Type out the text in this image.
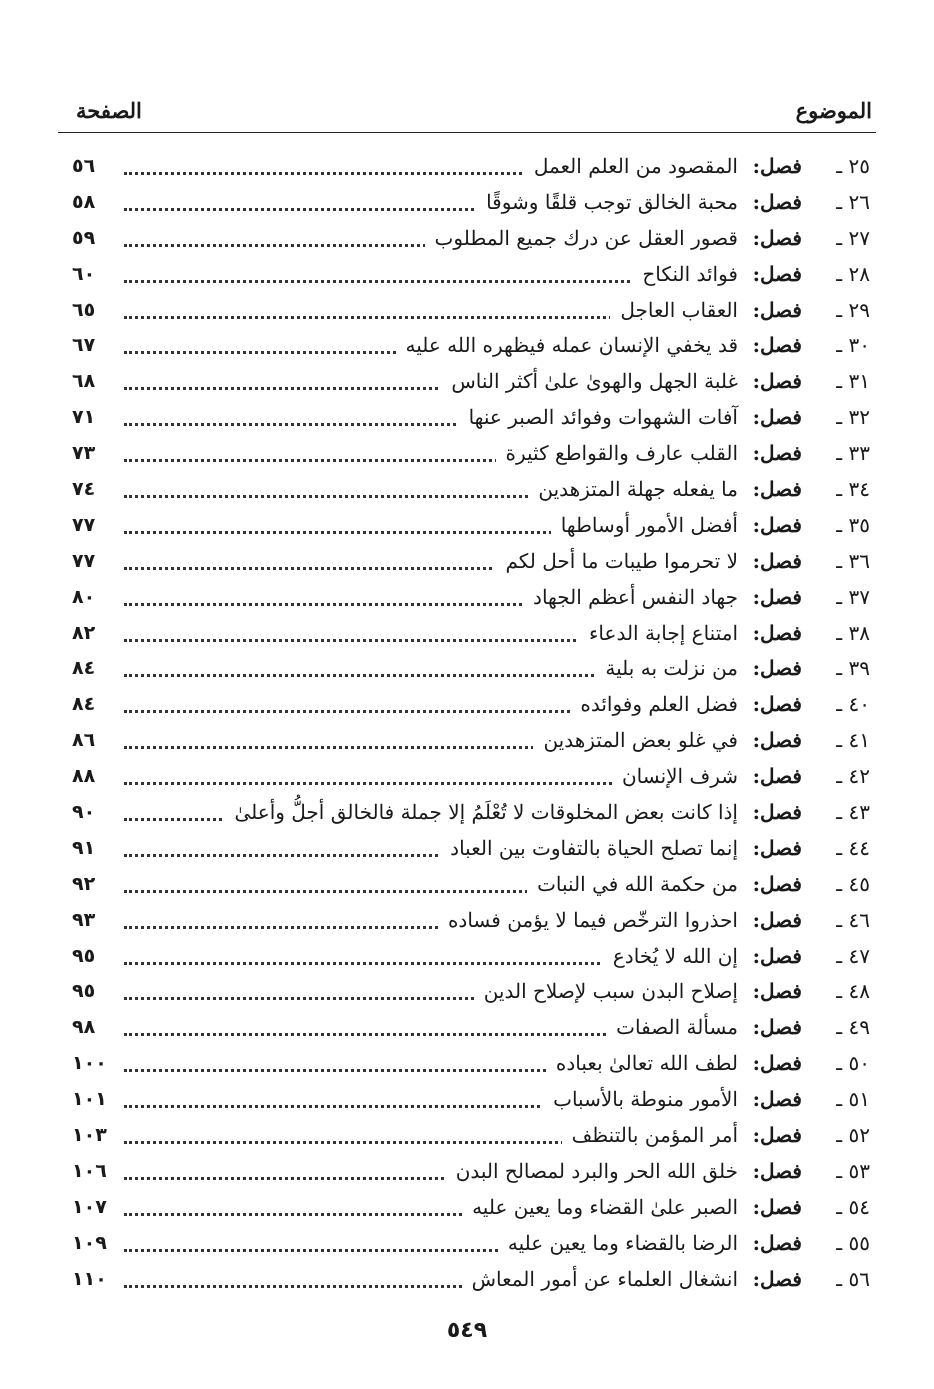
الموضوع
الصفحة
٢٥ ـ
فصل:
المقصود من العلم العمل
٥٦
٢٦ ـ
فصل:
محبة الخالق توجب قلقًا وشوقًا
٥٨
٢٧ ـ
فصل:
قصور العقل عن درك جميع المطلوب
٥٩
٢٨ ـ
فصل:
فوائد النكاح
٦٠
٢٩ ـ
فصل:
العقاب العاجل
٦٥
٣٠ ـ
فصل:
قد يخفي الإنسان عمله فيظهره الله عليه
٦٧
٣١ ـ
فصل:
غلبة الجهل والهوىٰ علىٰ أكثر الناس
٦٨
٣٢ ـ
فصل:
آفات الشهوات وفوائد الصبر عنها
٧١
٣٣ ـ
فصل:
القلب عارف والقواطع كثيرة
٧٣
٣٤ ـ
فصل:
ما يفعله جهلة المتزهدين
٧٤
٣٥ ـ
فصل:
أفضل الأمور أوساطها
٧٧
٣٦ ـ
فصل:
لا تحرموا طيبات ما أحل لكم
٧٧
٣٧ ـ
فصل:
جهاد النفس أعظم الجهاد
٨٠
٣٨ ـ
فصل:
امتناع إجابة الدعاء
٨٢
٣٩ ـ
فصل:
من نزلت به بلية
٨٤
٤٠ ـ
فصل:
فضل العلم وفوائده
٨٤
٤١ ـ
فصل:
في غلو بعض المتزهدين
٨٦
٤٢ ـ
فصل:
شرف الإنسان
٨٨
٤٣ ـ
فصل:
إذا كانت بعض المخلوقات لا تُعْلَمُ إلا جملة فالخالق أجلُّ وأعلىٰ
٩٠
٤٤ ـ
فصل:
إنما تصلح الحياة بالتفاوت بين العباد
٩١
٤٥ ـ
فصل:
من حكمة الله في النبات
٩٢
٤٦ ـ
فصل:
احذروا الترخّص فيما لا يؤمن فساده
٩٣
٤٧ ـ
فصل:
إن الله لا يُخادع
٩٥
٤٨ ـ
فصل:
إصلاح البدن سبب لإصلاح الدين
٩٥
٤٩ ـ
فصل:
مسألة الصفات
٩٨
٥٠ ـ
فصل:
لطف الله تعالىٰ بعباده
١٠٠
٥١ ـ
فصل:
الأمور منوطة بالأسباب
١٠١
٥٢ ـ
فصل:
أمر المؤمن بالتنظف
١٠٣
٥٣ ـ
فصل:
خلق الله الحر والبرد لمصالح البدن
١٠٦
٥٤ ـ
فصل:
الصبر علىٰ القضاء وما يعين عليه
١٠٧
٥٥ ـ
فصل:
الرضا بالقضاء وما يعين عليه
١٠٩
٥٦ ـ
فصل:
انشغال العلماء عن أمور المعاش
١١٠
٥٤٩
